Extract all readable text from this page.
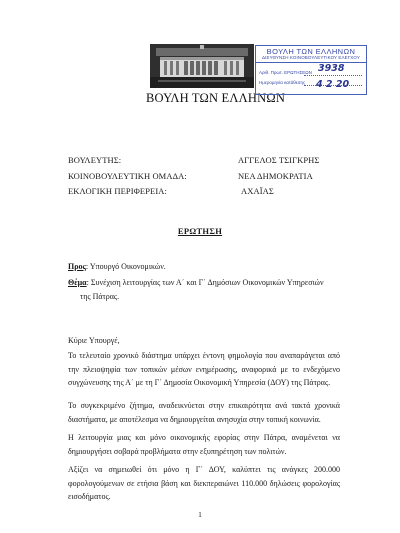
ΒΟΥΛΗ ΤΩΝ ΕΛΛΗΝΩΝ
ΒΟΥΛΗ ΤΩΝ ΕΛΛΗΝΩΝ
ΔΙΕΥΘΥΝΣΗ ΚΟΙΝΟΒΟΥΛΕΥΤΙΚΟΥ ΕΛΕΓΧΟΥ
Αριθ. Πρωτ. ΕΡΩΤΗΣΕΩΝ 3938
Ημερομηνία κατάθεσης 4 2 20
ΒΟΥΛΕΥΤΗΣ:	ΑΓΓΕΛΟΣ ΤΣΙΓΚΡΗΣ
ΚΟΙΝΟΒΟΥΛΕΥΤΙΚΗ ΟΜΑΔΑ:	ΝΕΑ ΔΗΜΟΚΡΑΤΙΑ
ΕΚΛΟΓΙΚΗ ΠΕΡΙΦΕΡΕΙΑ:	ΑΧΑΪΑΣ
ΕΡΩΤΗΣΗ
Προς: Υπουργό Οικονομικών.
Θέμα: Συνέχιση λειτουργίας των Α΄ και Γ΄ Δημόσιων Οικονομικών Υπηρεσιών
της Πάτρας.
Κύριε Υπουργέ,
Το τελευταίο χρονικό διάστημα υπάρχει έντονη φημολογία που αναπαράγεται από την πλειοψηφία των τοπικών μέσων ενημέρωσης, αναφορικά με το ενδεχόμενο συγχώνευσης της Α΄ με τη Γ΄ Δημοσία Οικονομική Υπηρεσία (ΔΟΥ) της Πάτρας.
Το συγκεκριμένο ζήτημα, αναδεικνύεται στην επικαιρότητα ανά τακτά χρονικά διαστήματα, με αποτέλεσμα να δημιουργείται ανησυχία στην τοπική κοινωνία.
Η λειτουργία μιας και μόνο οικονομικής εφορίας στην Πάτρα, αναμένεται να δημιουργήσει σοβαρά προβλήματα στην εξυπηρέτηση των πολιτών.
Αξίζει να σημειωθεί ότι μόνο η Γ΄ ΔΟΥ, καλύπτει τις ανάγκες 200.000 φορολογούμενων σε ετήσια βάση και διεκπεραιώνει 110.000 δηλώσεις φορολογίας εισοδήματος.
1
